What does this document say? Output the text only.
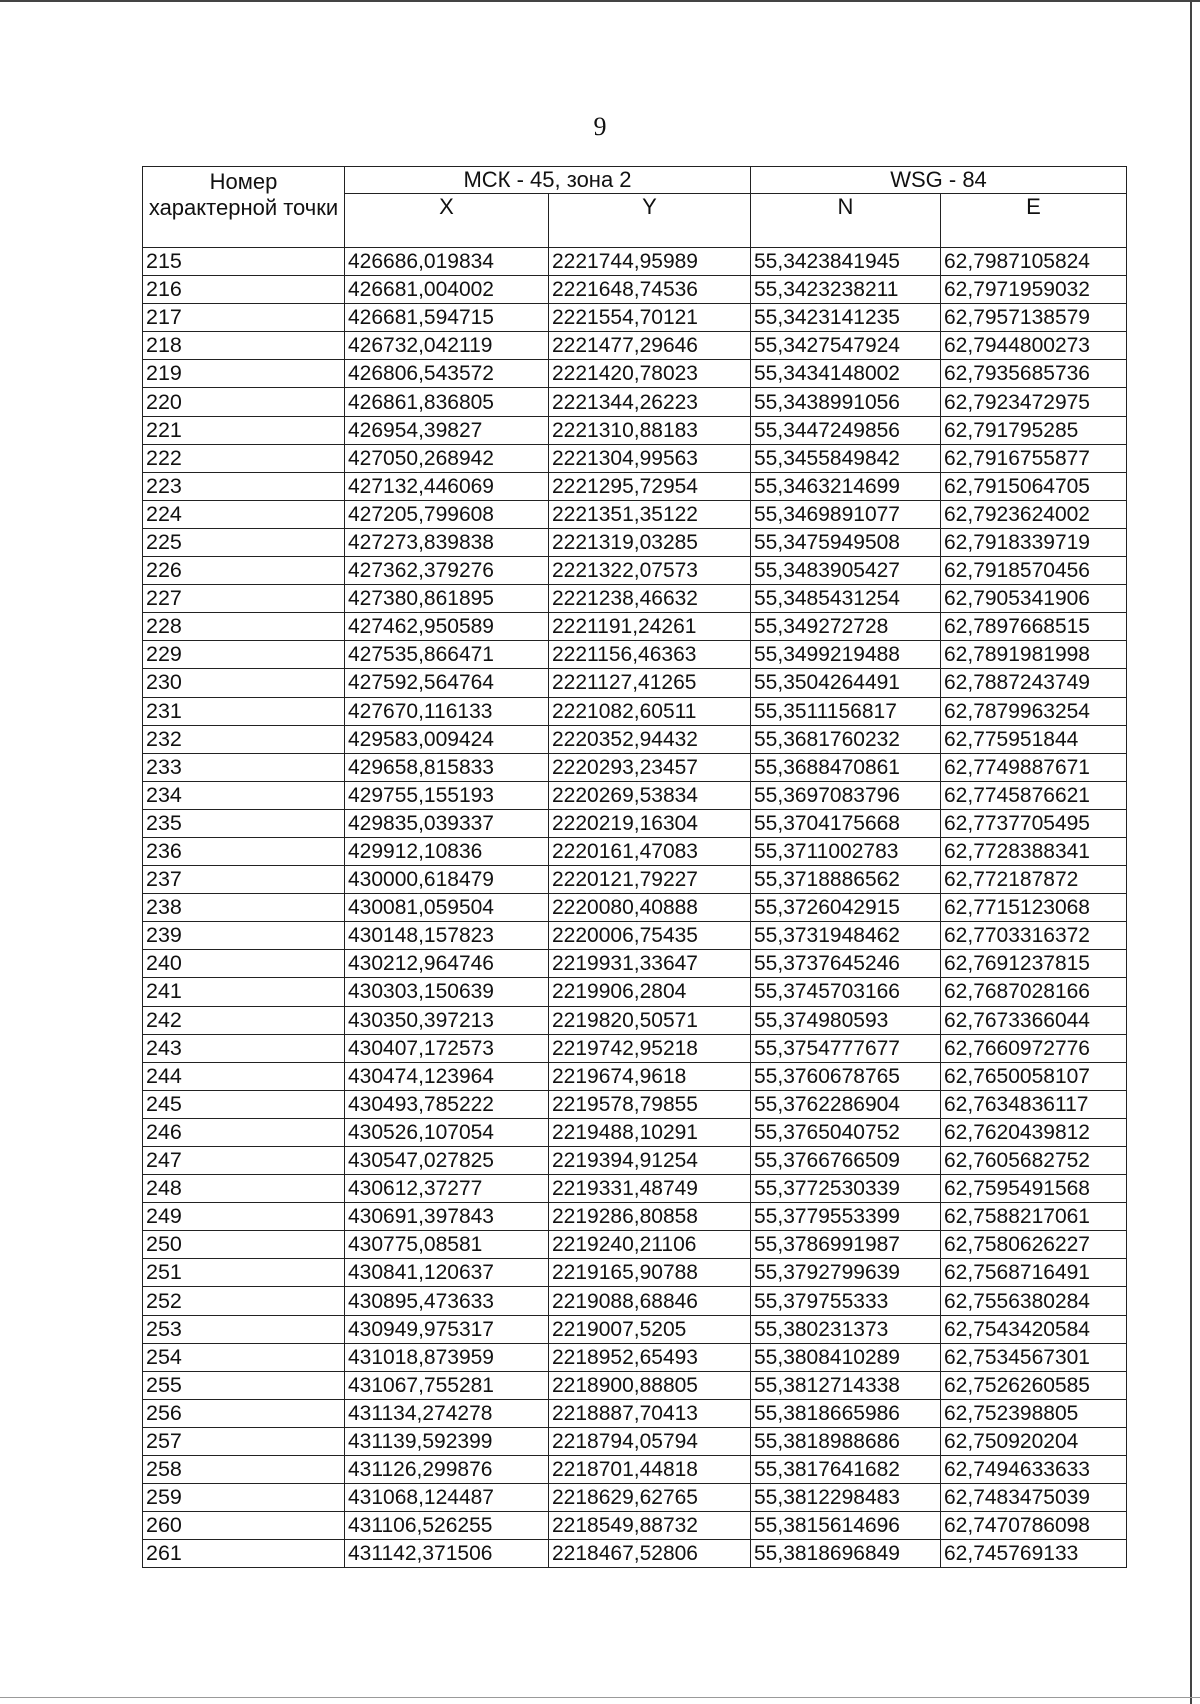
9
Номер характерной точки	МСК - 45, зона 2		WSG - 84	
	X	Y	N	E
215	426686,019834	2221744,95989	55,3423841945	62,7987105824
216	426681,004002	2221648,74536	55,3423238211	62,7971959032
217	426681,594715	2221554,70121	55,3423141235	62,7957138579
218	426732,042119	2221477,29646	55,3427547924	62,7944800273
219	426806,543572	2221420,78023	55,3434148002	62,7935685736
220	426861,836805	2221344,26223	55,3438991056	62,7923472975
221	426954,39827	2221310,88183	55,3447249856	62,791795285
222	427050,268942	2221304,99563	55,3455849842	62,7916755877
223	427132,446069	2221295,72954	55,3463214699	62,7915064705
224	427205,799608	2221351,35122	55,3469891077	62,7923624002
225	427273,839838	2221319,03285	55,3475949508	62,7918339719
226	427362,379276	2221322,07573	55,3483905427	62,7918570456
227	427380,861895	2221238,46632	55,3485431254	62,7905341906
228	427462,950589	2221191,24261	55,349272728	62,7897668515
229	427535,866471	2221156,46363	55,3499219488	62,7891981998
230	427592,564764	2221127,41265	55,3504264491	62,7887243749
231	427670,116133	2221082,60511	55,3511156817	62,7879963254
232	429583,009424	2220352,94432	55,3681760232	62,775951844
233	429658,815833	2220293,23457	55,3688470861	62,7749887671
234	429755,155193	2220269,53834	55,3697083796	62,7745876621
235	429835,039337	2220219,16304	55,3704175668	62,7737705495
236	429912,10836	2220161,47083	55,3711002783	62,7728388341
237	430000,618479	2220121,79227	55,3718886562	62,772187872
238	430081,059504	2220080,40888	55,3726042915	62,7715123068
239	430148,157823	2220006,75435	55,3731948462	62,7703316372
240	430212,964746	2219931,33647	55,3737645246	62,7691237815
241	430303,150639	2219906,2804	55,3745703166	62,7687028166
242	430350,397213	2219820,50571	55,374980593	62,7673366044
243	430407,172573	2219742,95218	55,3754777677	62,7660972776
244	430474,123964	2219674,9618	55,3760678765	62,7650058107
245	430493,785222	2219578,79855	55,3762286904	62,7634836117
246	430526,107054	2219488,10291	55,3765040752	62,7620439812
247	430547,027825	2219394,91254	55,3766766509	62,7605682752
248	430612,37277	2219331,48749	55,3772530339	62,7595491568
249	430691,397843	2219286,80858	55,3779553399	62,7588217061
250	430775,08581	2219240,21106	55,3786991987	62,7580626227
251	430841,120637	2219165,90788	55,3792799639	62,7568716491
252	430895,473633	2219088,68846	55,379755333	62,7556380284
253	430949,975317	2219007,5205	55,380231373	62,7543420584
254	431018,873959	2218952,65493	55,3808410289	62,7534567301
255	431067,755281	2218900,88805	55,3812714338	62,7526260585
256	431134,274278	2218887,70413	55,3818665986	62,752398805
257	431139,592399	2218794,05794	55,3818988686	62,750920204
258	431126,299876	2218701,44818	55,3817641682	62,7494633633
259	431068,124487	2218629,62765	55,3812298483	62,7483475039
260	431106,526255	2218549,88732	55,3815614696	62,7470786098
261	431142,371506	2218467,52806	55,3818696849	62,745769133
